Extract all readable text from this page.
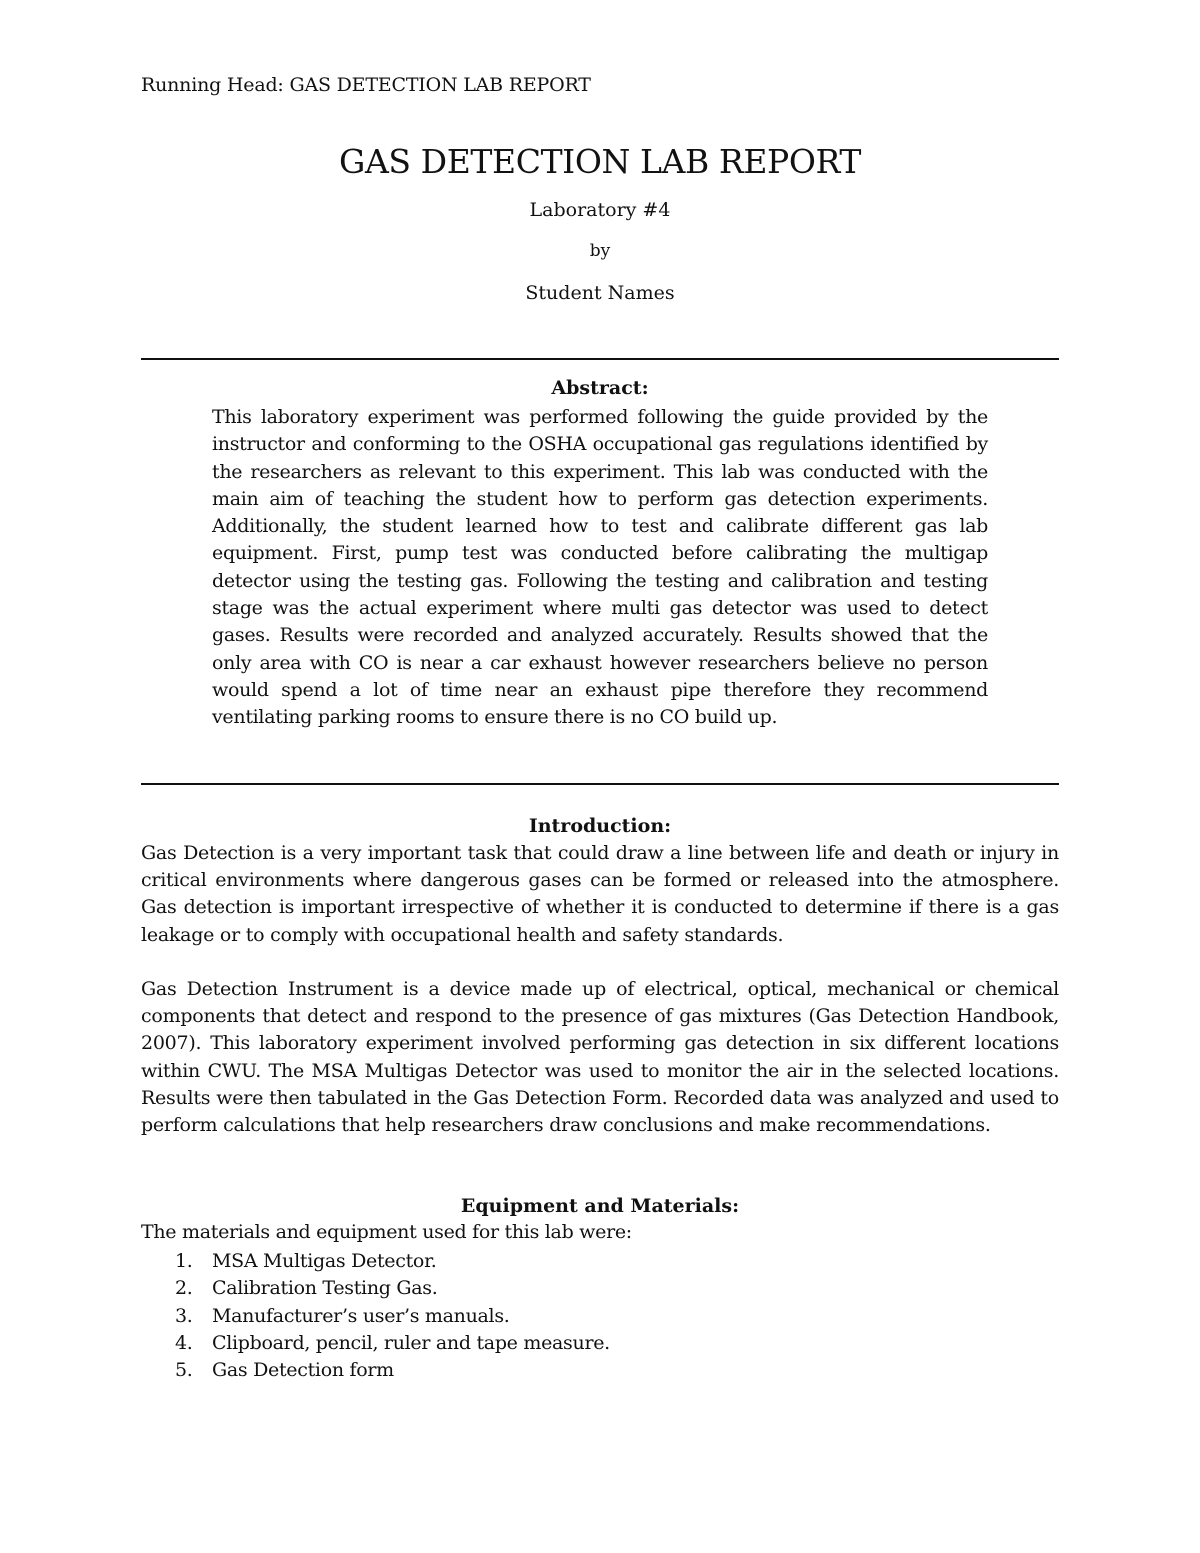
Running Head: GAS DETECTION LAB REPORT
GAS DETECTION LAB REPORT
Laboratory #4
by
Student Names
Abstract:

This laboratory experiment was performed following the guide provided by the instructor and conforming to the OSHA occupational gas regulations identified by the researchers as relevant to this experiment. This lab was conducted with the main aim of teaching the student how to perform gas detection experiments. Additionally, the student learned how to test and calibrate different gas lab equipment. First, pump test was conducted before calibrating the multigap detector using the testing gas. Following the testing and calibration and testing stage was the actual experiment where multi gas detector was used to detect gases. Results were recorded and analyzed accurately. Results showed that the only area with CO is near a car exhaust however researchers believe no person would spend a lot of time near an exhaust pipe therefore they recommend ventilating parking rooms to ensure there is no CO build up.

Introduction:

Gas Detection is a very important task that could draw a line between life and death or injury in critical environments where dangerous gases can be formed or released into the atmosphere. Gas detection is important irrespective of whether it is conducted to determine if there is a gas leakage or to comply with occupational health and safety standards.

Gas Detection Instrument is a device made up of electrical, optical, mechanical or chemical components that detect and respond to the presence of gas mixtures (Gas Detection Handbook, 2007). This laboratory experiment involved performing gas detection in six different locations within CWU. The MSA Multigas Detector was used to monitor the air in the selected locations. Results were then tabulated in the Gas Detection Form. Recorded data was analyzed and used to perform calculations that help researchers draw conclusions and make recommendations.

Equipment and Materials:
The materials and equipment used for this lab were:
1.	MSA Multigas Detector.
2.	Calibration Testing Gas.
3.	Manufacturer’s user’s manuals.
4.	Clipboard, pencil, ruler and tape measure.
5.	Gas Detection form
